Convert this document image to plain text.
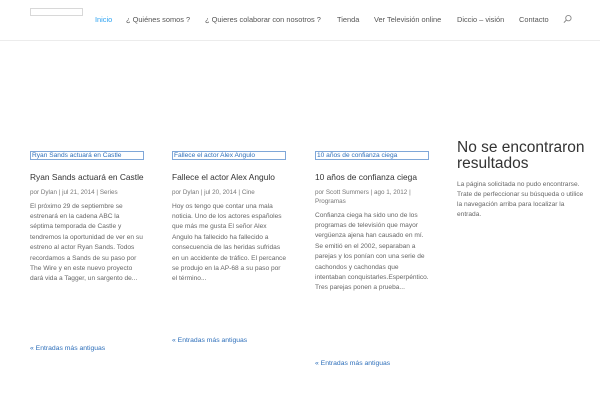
Inicio ¿ Quiénes somos ? ¿ Quieres colaborar con nosotros ? Tienda Ver Televisión online Diccio – visión Contacto
Ryan Sands actuará en Castle
Ryan Sands actuará en Castle
por Dylan | jul 21, 2014 | Series
El próximo 29 de septiembre se estrenará en la cadena ABC la séptima temporada de Castle y tendremos la oportunidad de ver en su estreno al actor Ryan Sands. Todos recordamos a Sands de su paso por The Wire y en este nuevo proyecto dará vida a Tagger, un sargento de...
« Entradas más antiguas
Fallece el actor Alex Angulo
Fallece el actor Alex Angulo
por Dylan | jul 20, 2014 | Cine
Hoy os tengo que contar una mala noticia. Uno de los actores españoles que más me gusta El señor Alex Angulo ha fallecido ha fallecido a consecuencia de las heridas sufridas en un accidente de tráfico. El percance se produjo en la AP-68 a su paso por el término...
« Entradas más antiguas
10 años de confianza ciega
10 años de confianza ciega
por Scott Summers | ago 1, 2012 | Programas
Confianza ciega ha sido uno de los programas de televisión que mayor vergüenza ajena han causado en mí. Se emitió en el 2002, separaban a parejas y los ponían con una serie de cachondos y cachondas que intentaban conquistarles.Esperpéntico. Tres parejas ponen a prueba...
« Entradas más antiguas
No se encontraron resultados

La página solicitada no pudo encontrarse. Trate de perfeccionar su búsqueda o utilice la navegación arriba para localizar la entrada.
